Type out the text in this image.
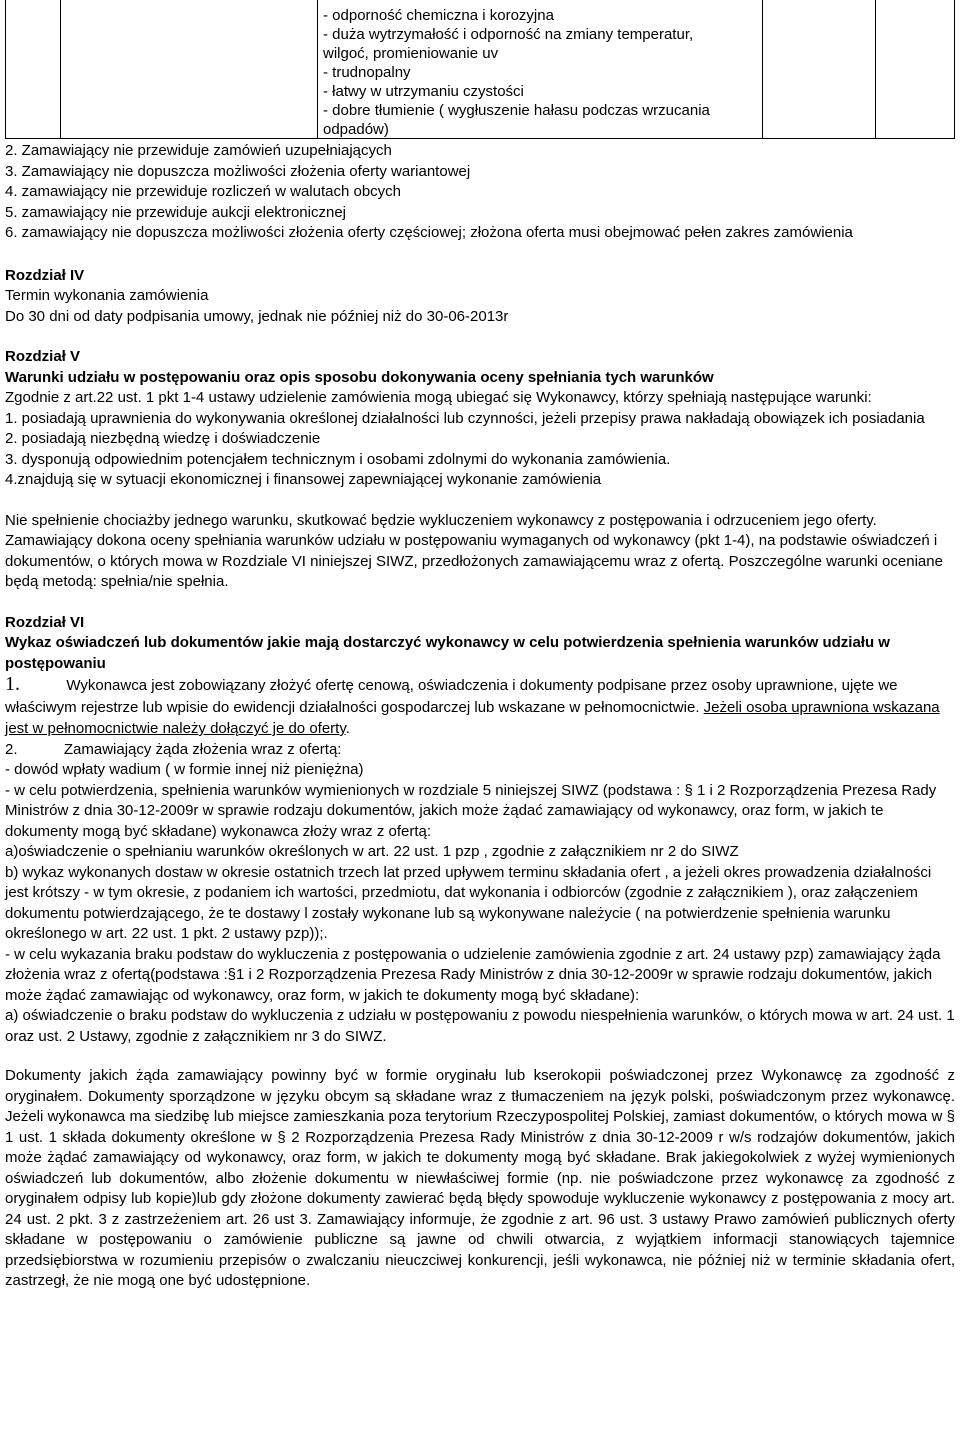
- odporność chemiczna i korozyjna
- duża wytrzymałość i odporność na zmiany temperatur,
wilgoć, promieniowanie uv
- trudnopalny
- łatwy w utrzymaniu czystości
- dobre tłumienie ( wygłuszenie hałasu podczas wrzucania
odpadów)

2. Zamawiający nie przewiduje zamówień uzupełniających

3. Zamawiający nie dopuszcza możliwości złożenia oferty wariantowej

4. zamawiający nie przewiduje rozliczeń w walutach obcych

5. zamawiający nie przewiduje aukcji elektronicznej

6. zamawiający nie dopuszcza możliwości złożenia oferty częściowej; złożona oferta musi obejmować pełen zakres zamówienia

Rozdział IV

Termin wykonania zamówienia

Do 30 dni od daty podpisania umowy, jednak nie później niż do 30-06-2013r

Rozdział V

Warunki udziału w postępowaniu oraz opis sposobu dokonywania oceny spełniania tych warunków

Zgodnie z art.22 ust. 1 pkt 1-4 ustawy udzielenie zamówienia mogą ubiegać się Wykonawcy, którzy spełniają następujące warunki:

1. posiadają uprawnienia do wykonywania określonej działalności lub czynności, jeżeli przepisy prawa nakładają obowiązek ich posiadania

2. posiadają niezbędną wiedzę i doświadczenie

3. dysponują odpowiednim potencjałem technicznym i osobami zdolnymi do wykonania zamówienia.

4.znajdują się w sytuacji ekonomicznej i finansowej zapewniającej wykonanie zamówienia

Nie spełnienie chociażby jednego warunku, skutkować będzie wykluczeniem wykonawcy z postępowania i odrzuceniem jego oferty.

Zamawiający dokona oceny spełniania warunków udziału w postępowaniu wymaganych od wykonawcy (pkt 1-4), na podstawie oświadczeń i dokumentów, o których mowa w Rozdziale VI niniejszej SIWZ, przedłożonych zamawiającemu wraz z ofertą. Poszczególne warunki oceniane będą metodą: spełnia/nie spełnia.

Rozdział VI

Wykaz oświadczeń lub dokumentów jakie mają dostarczyć wykonawcy w celu potwierdzenia spełnienia warunków udziału w postępowaniu

1.	Wykonawca jest zobowiązany złożyć ofertę cenową, oświadczenia i dokumenty podpisane przez osoby uprawnione, ujęte we właściwym rejestrze lub wpisie do ewidencji działalności gospodarczej lub wskazane w pełnomocnictwie. Jeżeli osoba uprawniona wskazana jest w pełnomocnictwie należy dołączyć je do oferty.

2.	Zamawiający żąda złożenia wraz z ofertą:

- dowód wpłaty wadium ( w formie innej niż pieniężna)

- w celu potwierdzenia, spełnienia warunków wymienionych w rozdziale 5 niniejszej SIWZ (podstawa : § 1 i 2 Rozporządzenia Prezesa Rady Ministrów z dnia 30-12-2009r w sprawie rodzaju dokumentów, jakich może żądać zamawiający od wykonawcy, oraz form, w jakich te dokumenty mogą być składane) wykonawca złoży wraz z ofertą:

a)oświadczenie o spełnianiu warunków określonych w art. 22 ust. 1 pzp , zgodnie z załącznikiem nr 2 do SIWZ

b) wykaz wykonanych dostaw w okresie ostatnich trzech lat przed upływem terminu składania ofert , a jeżeli okres prowadzenia działalności jest krótszy - w tym okresie, z podaniem ich wartości, przedmiotu, dat wykonania i odbiorców (zgodnie z załącznikiem ), oraz załączeniem dokumentu potwierdzającego, że te dostawy l zostały wykonane lub są wykonywane należycie ( na potwierdzenie spełnienia warunku określonego w art. 22 ust. 1 pkt. 2 ustawy pzp));.

- w celu wykazania braku podstaw do wykluczenia z postępowania o udzielenie zamówienia zgodnie z art. 24 ustawy pzp) zamawiający żąda złożenia wraz z ofertą(podstawa :§1 i 2 Rozporządzenia Prezesa Rady Ministrów z dnia 30-12-2009r w sprawie rodzaju dokumentów, jakich może żądać zamawiając od wykonawcy, oraz form, w jakich te dokumenty mogą być składane):

a) oświadczenie o braku podstaw do wykluczenia z udziału w postępowaniu z powodu niespełnienia warunków, o których mowa w art. 24 ust. 1 oraz ust. 2 Ustawy, zgodnie z załącznikiem nr 3 do SIWZ.

Dokumenty jakich żąda zamawiający powinny być w formie oryginału lub kserokopii poświadczonej przez Wykonawcę za zgodność z oryginałem. Dokumenty sporządzone w języku obcym są składane wraz z tłumaczeniem na język polski, poświadczonym przez wykonawcę. Jeżeli wykonawca ma siedzibę lub miejsce zamieszkania poza terytorium Rzeczypospolitej Polskiej, zamiast dokumentów, o których mowa w § 1 ust. 1 składa dokumenty określone w § 2 Rozporządzenia Prezesa Rady Ministrów z dnia 30-12-2009 r w/s rodzajów dokumentów, jakich może żądać zamawiający od wykonawcy, oraz form, w jakich te dokumenty mogą być składane. Brak jakiegokolwiek z wyżej wymienionych oświadczeń lub dokumentów, albo złożenie dokumentu w niewłaściwej formie (np. nie poświadczone przez wykonawcę za zgodność z oryginałem odpisy lub kopie)lub gdy złożone dokumenty zawierać będą błędy spowoduje wykluczenie wykonawcy z postępowania z mocy art. 24 ust. 2 pkt. 3 z zastrzeżeniem art. 26 ust 3. Zamawiający informuje, że zgodnie z art. 96 ust. 3 ustawy Prawo zamówień publicznych oferty składane w postępowaniu o zamówienie publiczne są jawne od chwili otwarcia, z wyjątkiem informacji stanowiących tajemnice przedsiębiorstwa w rozumieniu przepisów o zwalczaniu nieuczciwej konkurencji, jeśli wykonawca, nie później niż w terminie składania ofert, zastrzegł, że nie mogą one być udostępnione.
